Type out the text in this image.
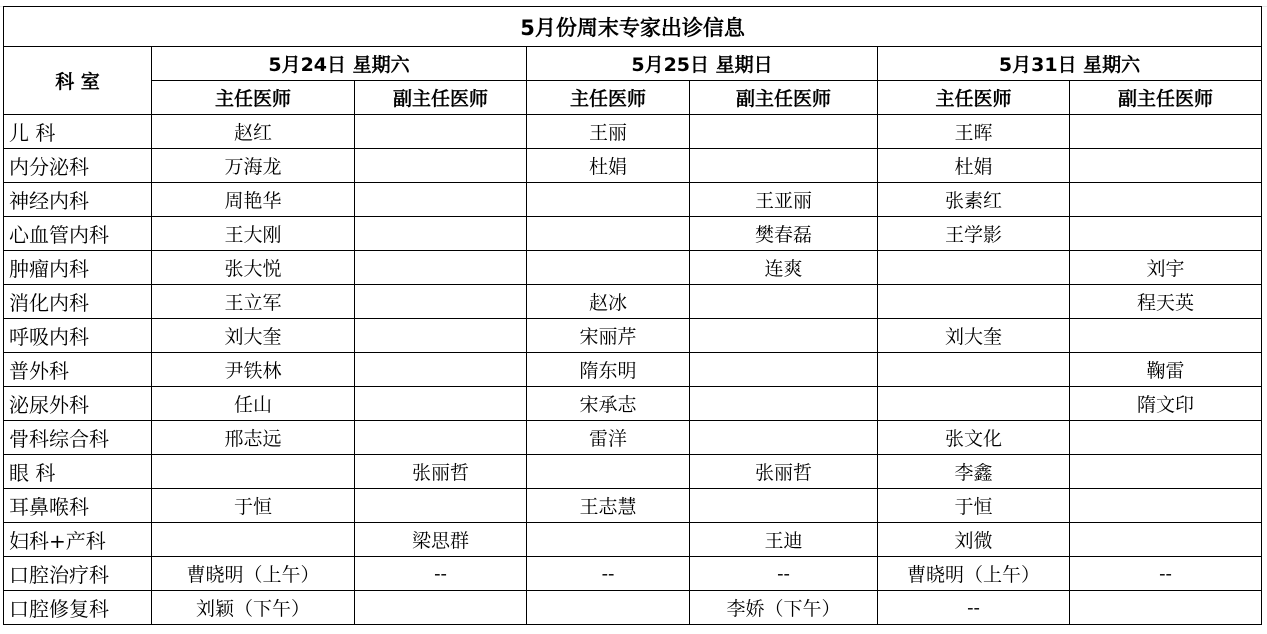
5月份周末专家出诊信息						
科 室	5月24日 星期六		5月25日 星期日		5月31日 星期六	
	主任医师	副主任医师	主任医师	副主任医师	主任医师	副主任医师
儿 科	赵红		王丽		王晖	
内分泌科	万海龙		杜娟		杜娟	
神经内科	周艳华			王亚丽	张素红	
心血管内科	王大刚			樊春磊	王学影	
肿瘤内科	张大悦			连爽		刘宇
消化内科	王立军		赵冰			程天英
呼吸内科	刘大奎		宋丽芹		刘大奎	
普外科	尹铁林		隋东明			鞠雷
泌尿外科	任山		宋承志			隋文印
骨科综合科	邢志远		雷洋		张文化	
眼 科		张丽哲		张丽哲	李鑫	
耳鼻喉科	于恒		王志慧		于恒	
妇科+产科		梁思群		王迪	刘微	
口腔治疗科	曹晓明（上午）	--	--	--	曹晓明（上午）	--
口腔修复科	刘颖（下午）			李娇（下午）	--	
